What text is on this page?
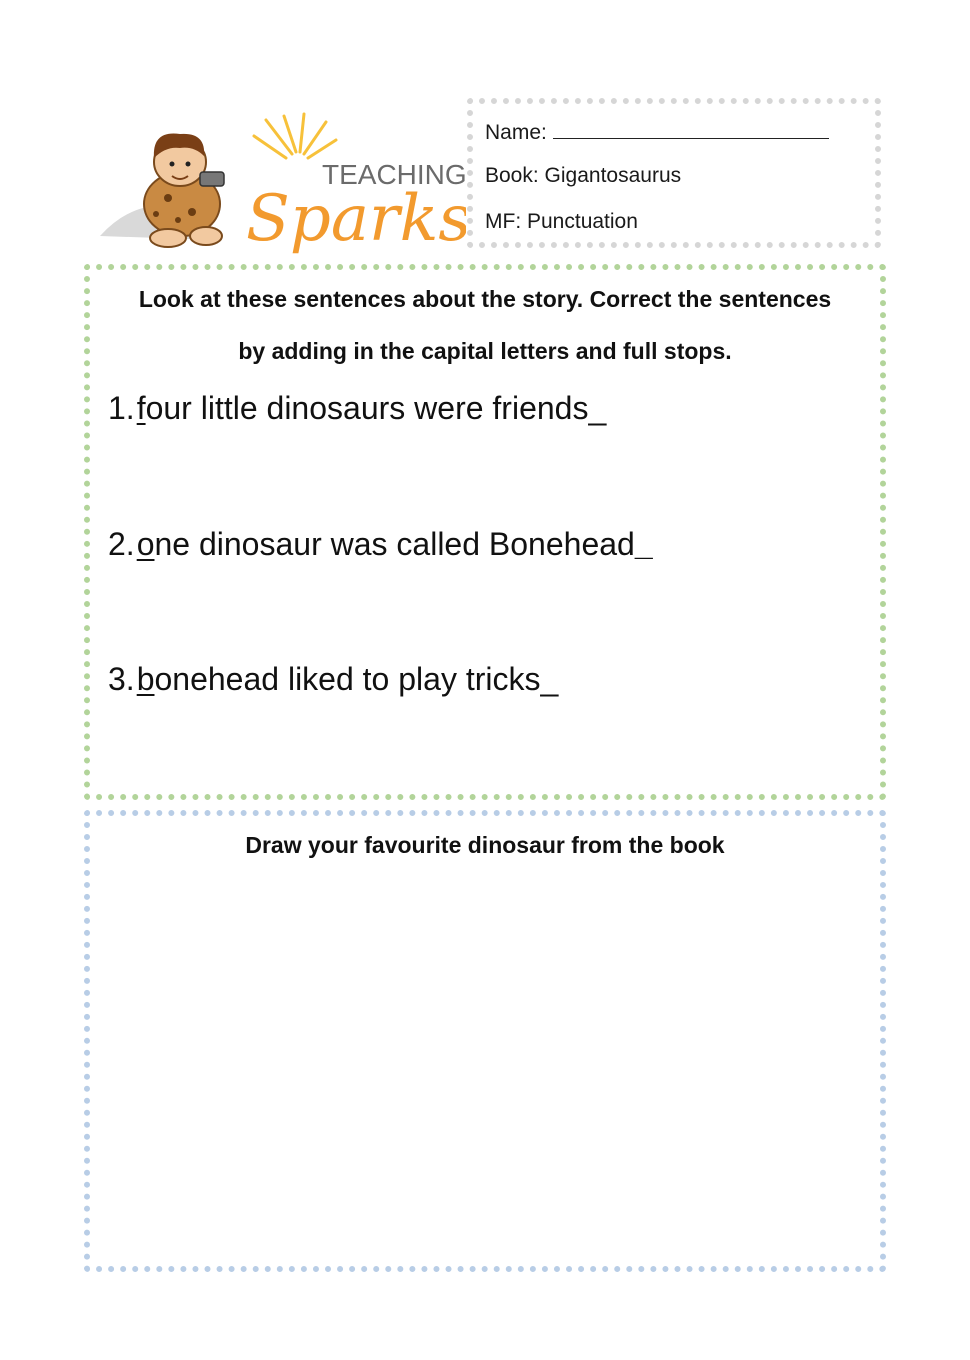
TEACHING
Sparks
Name:
Book: Gigantosaurus
MF: Punctuation
Look at these sentences about the story. Correct the sentences
by adding in the capital letters and full stops.
1.four little dinosaurs were friends_
2.one dinosaur was called Bonehead_
3.bonehead liked to play tricks_
Draw your favourite dinosaur from the book
